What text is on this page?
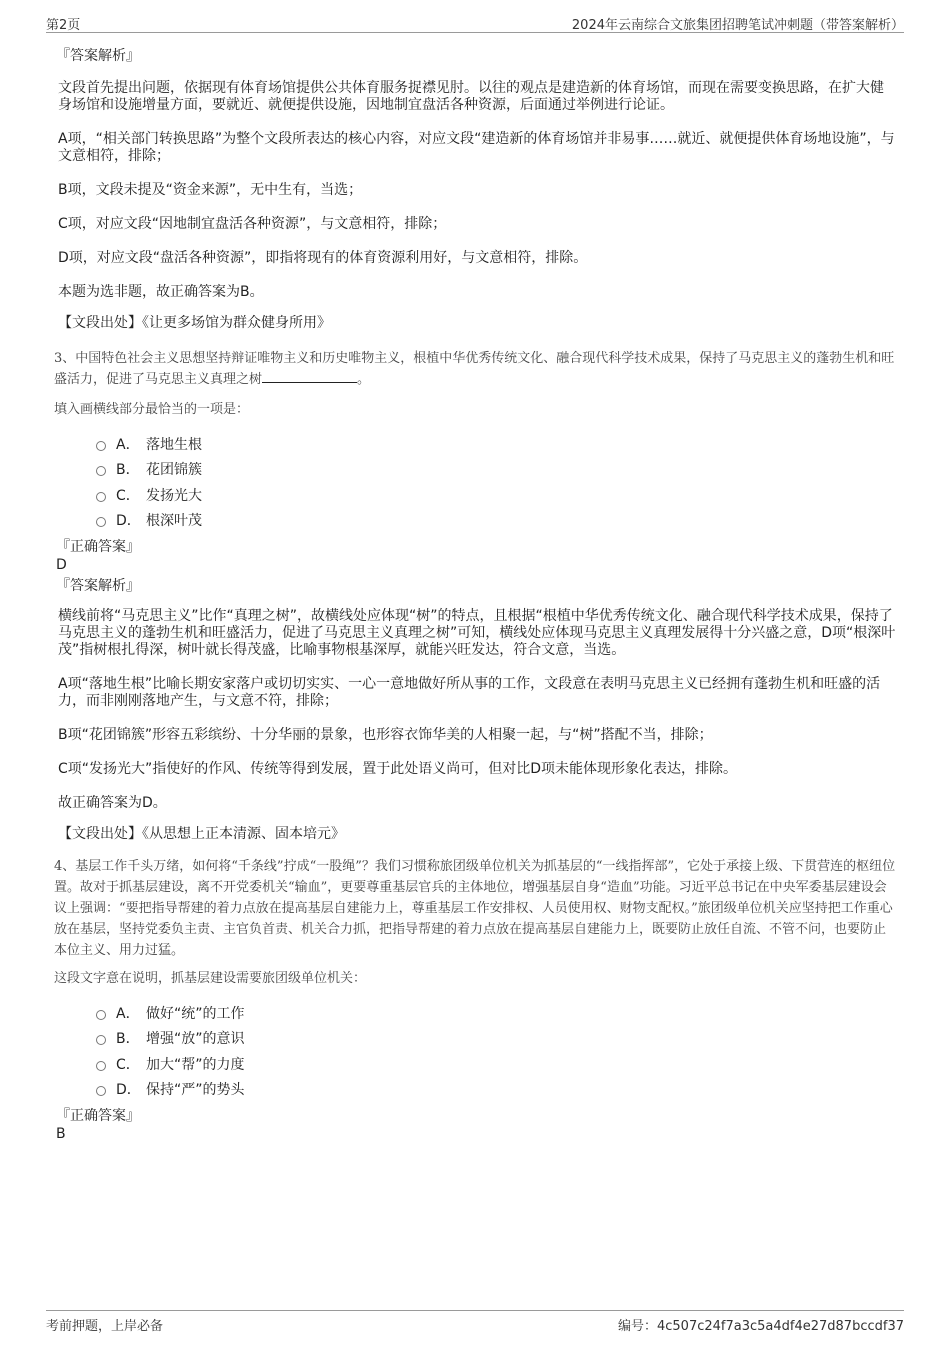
第2页	2024年云南综合文旅集团招聘笔试冲刺题（带答案解析）
『答案解析』

文段首先提出问题，依据现有体育场馆提供公共体育服务捉襟见肘。以往的观点是建造新的体育场馆，而现在需要变换思路，在扩大健身场馆和设施增量方面，要就近、就便提供设施，因地制宜盘活各种资源，后面通过举例进行论证。

A项，“相关部门转换思路”为整个文段所表达的核心内容，对应文段“建造新的体育场馆并非易事……就近、就便提供体育场地设施”，与文意相符，排除；

B项，文段未提及“资金来源”，无中生有，当选；

C项，对应文段“因地制宜盘活各种资源”，与文意相符，排除；

D项，对应文段“盘活各种资源”，即指将现有的体育资源利用好，与文意相符，排除。

本题为选非题，故正确答案为B。

【文段出处】《让更多场馆为群众健身所用》
3、中国特色社会主义思想坚持辩证唯物主义和历史唯物主义，根植中华优秀传统文化、融合现代科学技术成果，保持了马克思主义的蓬勃生机和旺盛活力，促进了马克思主义真理之树	。
填入画横线部分最恰当的一项是：
A． 落地生根
B． 花团锦簇
C． 发扬光大
D． 根深叶茂
『正确答案』
D
『答案解析』

横线前将“马克思主义”比作“真理之树”，故横线处应体现“树”的特点，且根据“根植中华优秀传统文化、融合现代科学技术成果，保持了马克思主义的蓬勃生机和旺盛活力，促进了马克思主义真理之树”可知，横线处应体现马克思主义真理发展得十分兴盛之意，D项“根深叶茂”指树根扎得深，树叶就长得茂盛，比喻事物根基深厚，就能兴旺发达，符合文意，当选。

A项“落地生根”比喻长期安家落户或切切实实、一心一意地做好所从事的工作，文段意在表明马克思主义已经拥有蓬勃生机和旺盛的活力，而非刚刚落地产生，与文意不符，排除；

B项“花团锦簇”形容五彩缤纷、十分华丽的景象，也形容衣饰华美的人相聚一起，与“树”搭配不当，排除；

C项“发扬光大”指使好的作风、传统等得到发展，置于此处语义尚可，但对比D项未能体现形象化表达，排除。

故正确答案为D。

【文段出处】《从思想上正本清源、固本培元》
4、基层工作千头万绪，如何将“千条线”拧成“一股绳”？我们习惯称旅团级单位机关为抓基层的“一线指挥部”，它处于承接上级、下贯营连的枢纽位置。故对于抓基层建设，离不开党委机关“输血”，更要尊重基层官兵的主体地位，增强基层自身“造血”功能。习近平总书记在中央军委基层建设会议上强调：“要把指导帮建的着力点放在提高基层自建能力上，尊重基层工作安排权、人员使用权、财物支配权。”旅团级单位机关应坚持把工作重心放在基层，坚持党委负主责、主官负首责、机关合力抓，把指导帮建的着力点放在提高基层自建能力上，既要防止放任自流、不管不问，也要防止本位主义、用力过猛。
这段文字意在说明，抓基层建设需要旅团级单位机关：
A． 做好“统”的工作
B． 增强“放”的意识
C． 加大“帮”的力度
D． 保持“严”的势头
『正确答案』
B
考前押题，上岸必备	编号：4c507c24f7a3c5a4df4e27d87bccdf37
